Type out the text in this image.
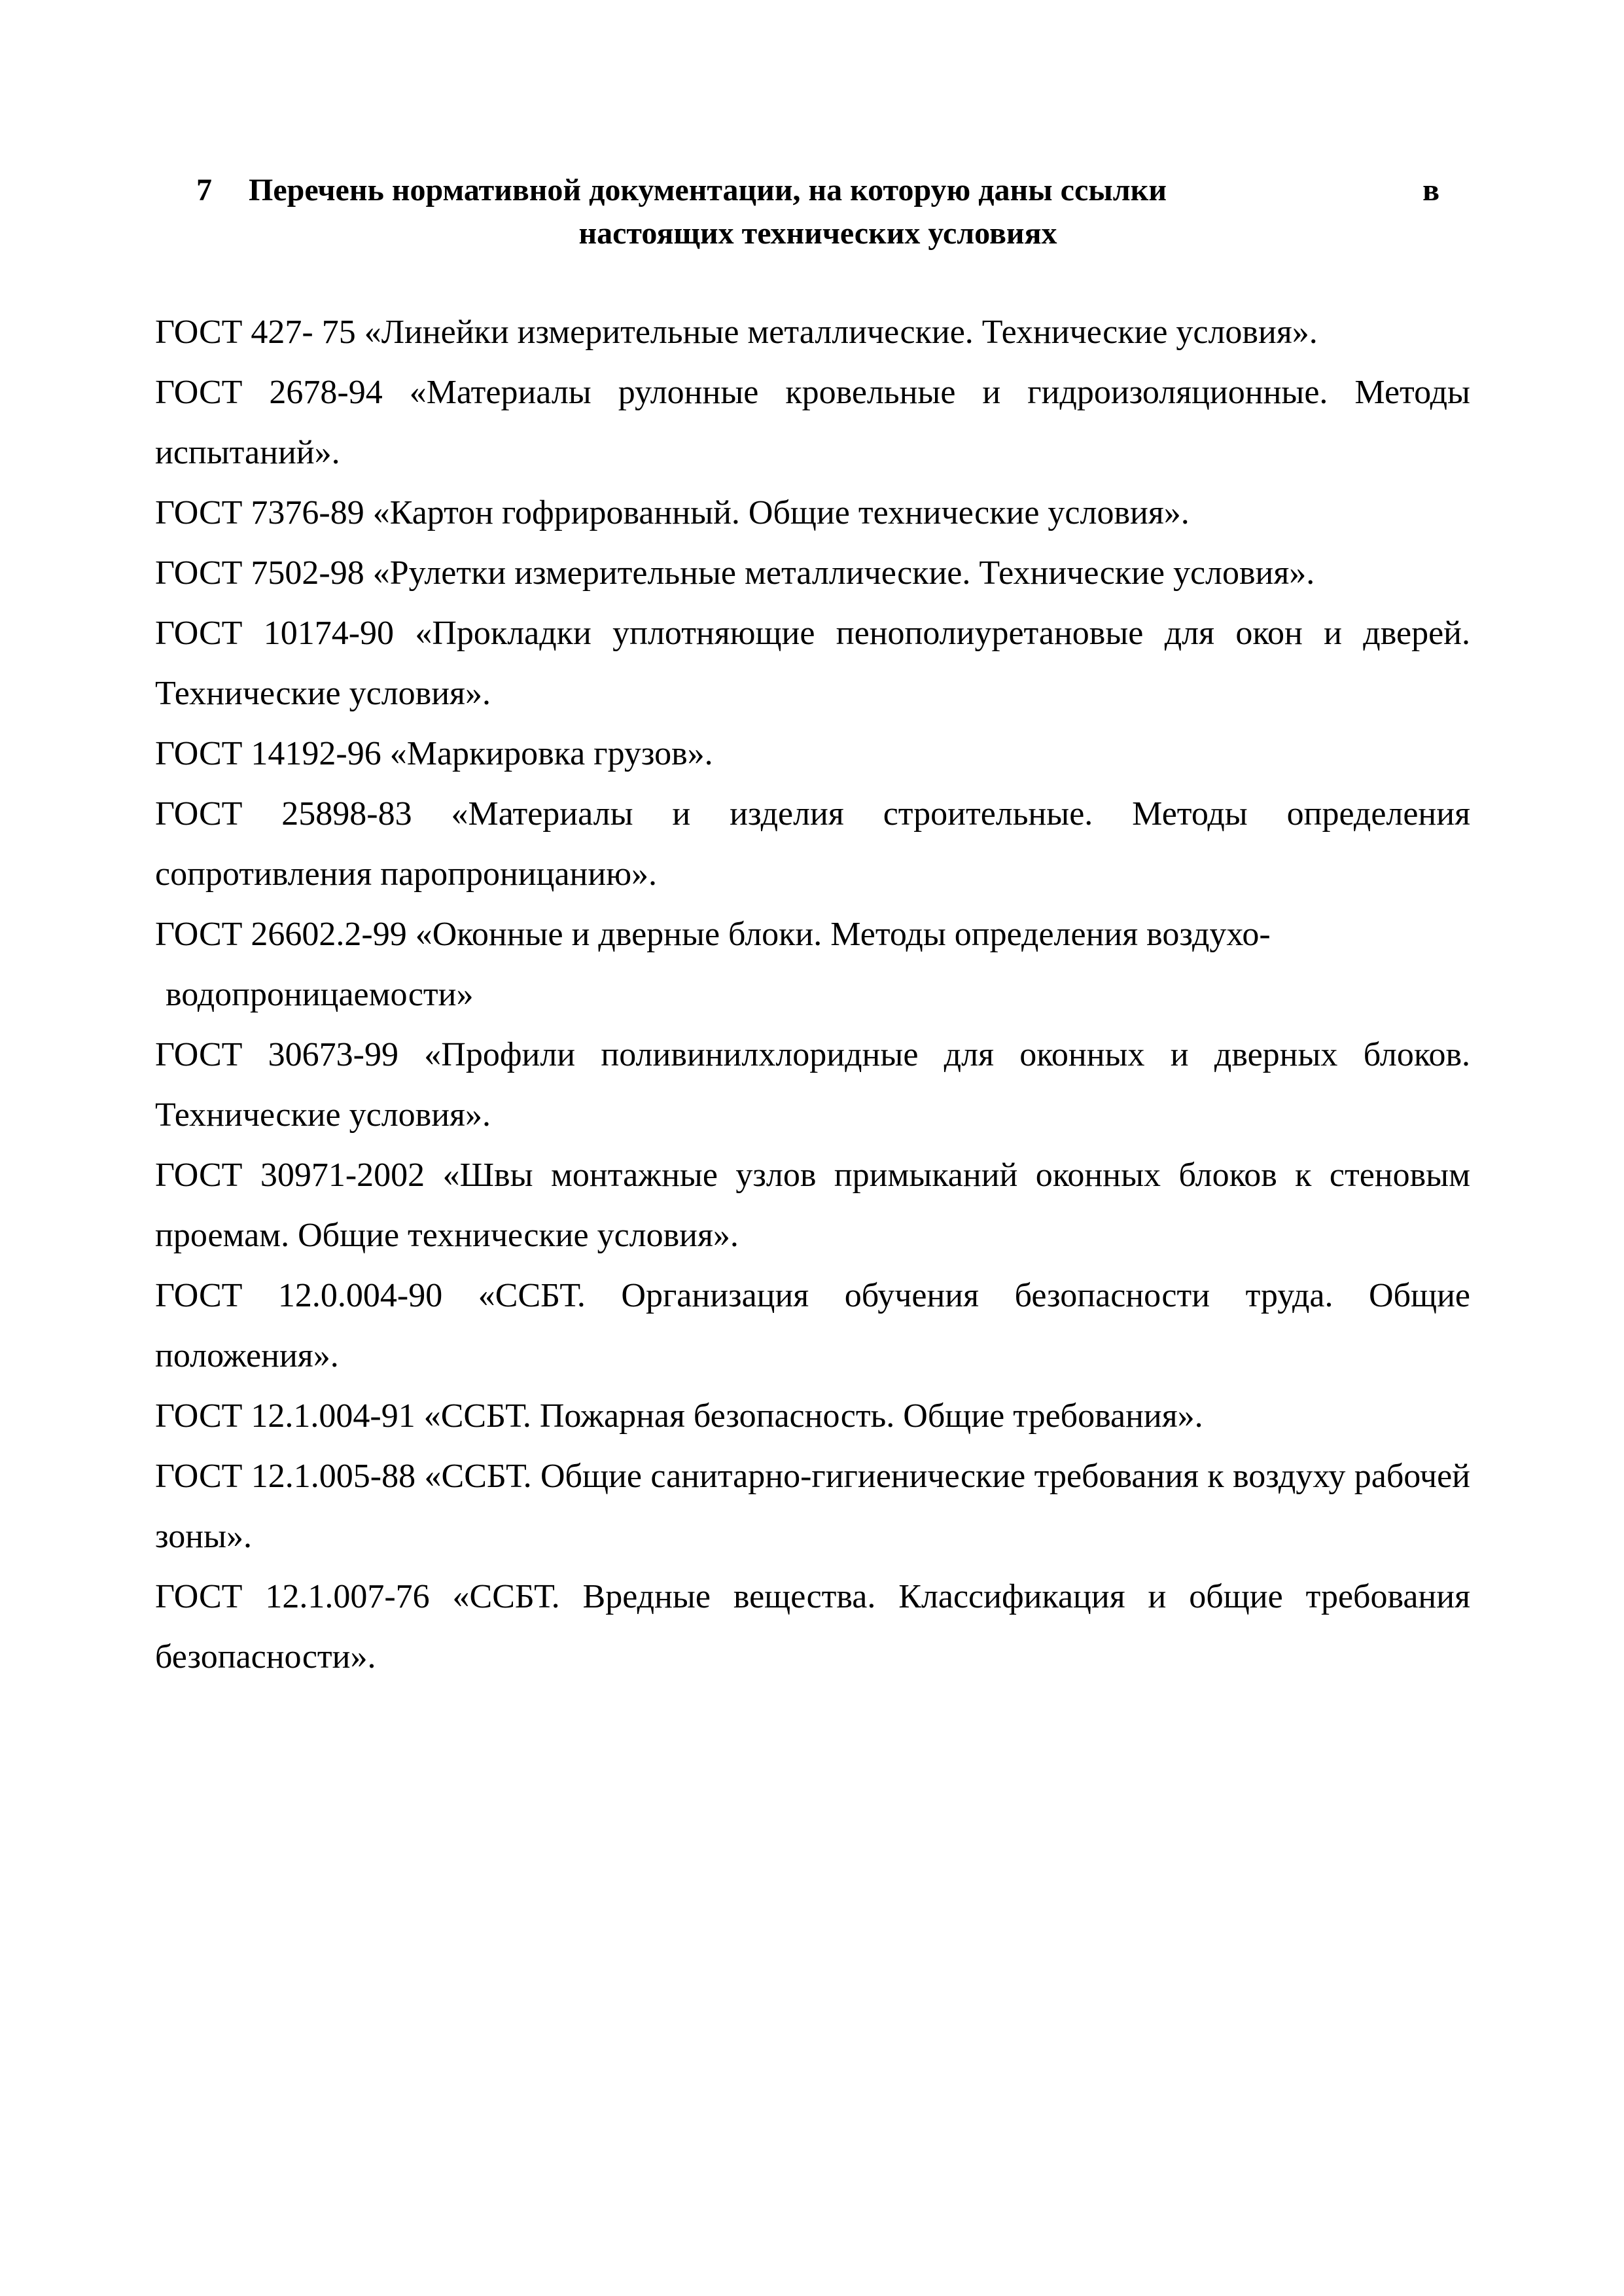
7	Перечень нормативной документации, на которую даны ссылки	в
настоящих технических условиях

ГОСТ 427- 75 «Линейки измерительные металлические. Технические условия».

ГОСТ 2678-94 «Материалы рулонные кровельные и гидроизоляционные. Методы испытаний».

ГОСТ 7376-89 «Картон гофрированный. Общие технические условия».

ГОСТ 7502-98 «Рулетки измерительные металлические. Технические условия».

ГОСТ 10174-90 «Прокладки уплотняющие пенополиуретановые для окон и дверей. Технические условия».

ГОСТ 14192-96 «Маркировка грузов».

ГОСТ 25898-83 «Материалы и изделия строительные. Методы определения сопротивления паропроницанию».

ГОСТ 26602.2-99 «Оконные и дверные блоки. Методы определения воздухо-

водопроницаемости»

ГОСТ 30673-99 «Профили поливинилхлоридные для оконных и дверных блоков. Технические условия».

ГОСТ 30971-2002 «Швы монтажные узлов примыканий оконных блоков к стеновым проемам. Общие технические условия».

ГОСТ 12.0.004-90 «ССБТ. Организация обучения безопасности труда. Общие положения».

ГОСТ 12.1.004-91 «ССБТ. Пожарная безопасность. Общие требования».

ГОСТ 12.1.005-88 «ССБТ. Общие санитарно-гигиенические требования к воздуху рабочей зоны».

ГОСТ 12.1.007-76 «ССБТ. Вредные вещества. Классификация и общие требования безопасности».
